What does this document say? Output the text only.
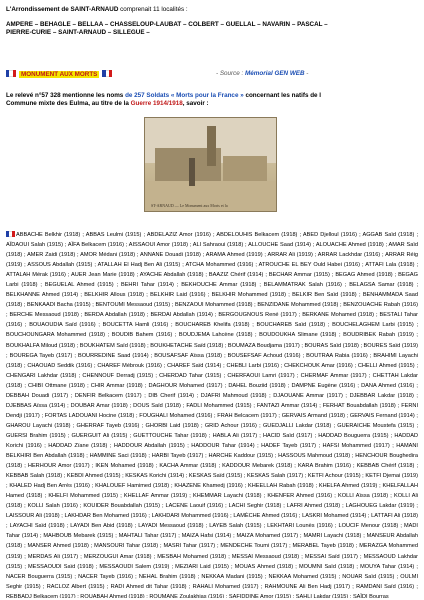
L'Arrondissement de SAINT-ARNAUD comprenait 11 localités :
AMPERE – BEHAGLE – BELLAA – CHASSELOUP-LAUBAT – COLBERT – GUELLAL – NAVARIN – PASCAL –
PIERRE-CURIE – SAINT-ARNAUD – SILLEGUE –
MONUMENT AUX MORTS	- Source : Mémorial GEN WEB -
Le relevé n°57 328 mentionne les noms de 257 Soldats « Morts pour la France » concernant les natifs de l
Commune mixte des Eulma, au titre de la Guerre 1914/1918, savoir :
ST-ARNAUD — Le Monument aux Morts et la
ABBACHE Belkhir (1918) ; ABBAS Leulmi (1915) ; ABDELAZIZ Amor (1916) ; ABDELOUHIS Belkacem (1918) ; ABED Djelloul (1916) ; AGGAB Saïd (1918) ; AÏDAOUI Salah (1915) ; AÏFA Belkacem (1916) ; AISSAOUI Amor (1918) ; ALI Sahraoui (1918) ; ALLOUCHE Saad (1914) ; ALOUACHE Ahmed (1918) ; AMAR Saïd (1918) ; AMER Zaidi (1918) ; AMOR Médani (1918) ; ANNANE Douadi (1918) ; ARAMA Ahmed (1919) ; ARRAR Ali (1919) ; ARRAR Lackhdar (1916) ; ARRAR Réig (1919) ; ASSOUS Abdallah (1915) ; ATALLAH El Hadj Ben Ali (1915) ; ATCHA Mohammed (1916) ; ATROUCHE EL BEY Ould Habei (1916) ; ATTAFI Lala (1918) ; ATTALAH Mérak (1916) ; AUER Jean Marie (1918) ; AYACHE Abdallah (1918) ; BAAZIZ Chérif (1914) ; BECHAR Ammar (1915) ; BEGAG Ahmed (1918) ; BEGAG Larbi (1918) ; BEGUELAL Ahmed (1915) ; BEHRI Tahar (1914) ; BEKHOUCHE Ammar (1918) ; BELAMMATRAK Salah (1916) ; BELAGSA Samar (1918) ; BELKHANNE Ahmed (1914) ; BELKHIR Allous (1918) ; BELKHIR Laid (1916) ; BELKHIR Mohammed (1918) ; BELKIR Ben Saïd (1918) ; BENHAMMADA Saad (1918) ; BENKAADI Bacha (1915) ; BENTOUMI Messaoud (1915) ; BENZAOUI Mohammed (1918) ; BENZIDANE Mohammed (1918) ; BENZOUACHE Rabah (1916) ; BERCHE Messaoud (1918) ; BERDA Abdallah (1918) ; BERDAI Abdallah (1914) ; BERGOUGNOUS René (1917) ; BERKANE Mohamed (1918) ; BESTALI Tahar (1916) ; BOUAOUDIA Saïd (1916) ; BOUCETTA Hamli (1916) ; BOUCHAREB Khelifa (1918) ; BOUCHAREB Saïd (1918) ; BOUCHELAGHEM Larbi (1915) ; BOUCHOUNGARA Mohammed (1918) ; BOUDIB Bahem (1916) ; BOUDJEMA Lahcène (1918) ; BOUDOUKHA Slimane (1918) ; BOUDRIBEK Rabah (1919) ; BOUKHALFA Miloud (1918) ; BOUKHATEM Saïd (1918) ; BOUKHETACHE Saïd (1918) ; BOUMAZA Boudjama (1917) ; BOURAS Saïd (1918) ; BOURES Saïd (1919) ; BOUREGA Tayeb (1917) ; BOURREDINE Saad (1914) ; BOUSAFSAF Aïssa (1918) ; BOUSEFSAF Achoud (1916) ; BOUTRAA Rabia (1916) ; BRAHIMI Layachi (1918) ; CHAOUAD Seddik (1916) ; CHAREF Mébrouk (1916) ; CHAREF Saïd (1914) ; CHEBLI Larbi (1916) ; CHEKCHOUK Amar (1916) ; CHELLI Ahmed (1915) ; CHENGARI Lakhdar (1918) ; CHENNOUF Derradj (1915) ; CHERDAD Tahar (1915) ; CHERFAOUI Lamri (1917) ; CHERMAF Ammar (1917) ; CHETTAH Lakdar (1918) ; CHIBI Ottmane (1918) ; CHIR Ammar (1918) ; DAGHOUR Mohamed (1917) ; DAHEL Bouziid (1918) ; DAMPNE Eugène (1916) ; DANA Ahmed (1916) ; DEBBAH Douadi (1917) ; DENFIR Belkacem (1917) ; DIB Cherif (1914) ; DJAFRI Mahmoud (1918) ; DJAOUANE Ammar (1917) ; DJEBBAR Lakdar (1918) ; DJEBBAS Aïssa (1914) ; DOUBAR Amar (1918) ; DOUS Saïd (1918) ; FADLI Mohammed (1915) ; FANTAZI Ammar (1914) ; FERHAT Bouabdallah (1918) ; FERNI Dendji (1917) ; FORTAS LADOUANI Hocine (1918) ; FOUGHALI Mohamed (1916) ; FRAH Belcacem (1917) ; GERVAIS Armand (1918) ; GERVAIS Fernand (1914) ; GHAROU Layachi (1918) ; GHERRAF Tayeb (1916) ; GHORBI Laid (1918) ; GRID Achour (1916) ; GUEDJALLI Lakdar (1918) ; GUERAICHE Moustefa (1915) ; GUERSI Brahim (1915) ; GUERGUIT Ali (1915) ; GUETTOUCHE Tahar (1918) ; HABLA Ali (1917) ; HACID Saïd (1917) ; HADDAD Bouguerra (1915) ; HADDAD Korichi (1916) ; HADDAD Zïane (1918) ; HADDOUR Abdallah (1915) ; HADDOUR Tahar (1914) ; HADEF Tayeb (1917) ; HAFSI Mohammed (1917) ; HAMANI BELKHIRI Ben Abdallah (1918) ; HAMMINE Saci (1918) ; HARBI Tayeb (1917) ; HARCHE Kaddour (1915) ; HASSOUS Mahmoud (1918) ; HENCHOUR Boughedira (1918) ; HERHOUR Amor (1917) ; IKEN Mohamed (1918) ; KACHA Ammar (1918) ; KADDOUR Mebarek (1918) ; KARA Brahim (1916) ; KEBBAB Chérif (1918) ; KEBBAB Salah (1918) ; KEBDI Ahmed (1915) ; KESKAS Korichi (1914) ; KESKAS Saïd (1915) ; KESKAS Salah (1917) ; KETFI Achour (1915) ; KETFI Djemai (1919) ; KHALED Hadj Ben Arrès (1916) ; KHALOUEF Hamimed (1918) ; KHAZENE Khamedj (1916) ; KHEELLAH Rabah (1918) ; KHELFA Ahmed (1919) ; KHELFALLAH Hamed (1918) ; KHELFI Mohammed (1915) ; KHELLAF Ammar (1919) ; KHEMMAR Layachi (1918) ; KHENFER Ahmed (1916) ; KOLLI Aïssa (1918) ; KOLLI Ali (1918) ; KOLLI Salah (1916) ; KOUIDER Bouabdallah (1915) ; LACENE Laouif (1916) ; LACHI Seghir (1918) ; LAFRI Ahmed (1918) ; LAGHOUEG Lakdar (1919) ; LAISSOUR Ali (1918) ; LAKHDAR Ben Mohamed (1916) ; LAKHDARI Mohammed (1916) ; LAMÈCHE Ahmed (1916) ; LASKRI Mohamed (1914) ; LATTAFI Ali (1918) ; LAYACHI Saïd (1918) ; LAYADI Ben Abid (1918) ; LAYADI Messaoud (1918) ; LAYEB Salah (1915) ; LEKHTARI Lounès (1916) ; LOUCIF Menour (1918) ; MADI Tahar (1914) ; MAHBOUB Mebarek (1915) ; MAHTALI Tahar (1917) ; MAIZA Hafsi (1914) ; MAIZA Mohamed (1917) ; MAMRI Layachi (1918) ; MANSEUR Abdallah (1918) ; MANSER Ahmed (1918) ; MANSOURI Tahar (1918) ; MASRI Tahar (1917) ; MENDECHE Toumi (1917) ; MERABEL Tayeb (1918) ; MERAZGA Mohammed (1919) ; MERDAS Ali (1917) ; MERZOUGUI Amar (1918) ; MESBAH Mohamed (1918) ; MESSAI Messaoud (1918) ; MESSAI Saïd (1917) ; MESSAOUD Lakhdar (1915) ; MESSAOUDI Saïd (1918) ; MESSAOUDI Salem (1919) ; MEZIARI Laid (1915) ; MOUAS Ahmed (1918) ; MOUMNI Saïd (1918) ; MOUYA Tahar (1914) ; NACER Bouguerra (1915) ; NACER Tayeb (1916) ; NEHAL Brahim (1918) ; NEKKAA Madani (1915) ; NEKKAA Mohamed (1915) ; NOUAR Saïd (1915) ; OULMI Seghir (1915) ; RACLOZ Albert (1915) ; RADI Ahmed dit Tahar (1918) ; RAHALI Mohamed (1917) ; RAHMOUNE Ali Ben Hadj (1917) ; RAMDANI Saïd (1916) ; REBBADJ Belkacem (1917) ; ROUABAH Ahmed (1918) ; ROUMANE Zoulakhias (1916) ; SAFIDDINE Amor (1915) ; SAHLI Lakdar (1915) ; SAÏDI Bourras
